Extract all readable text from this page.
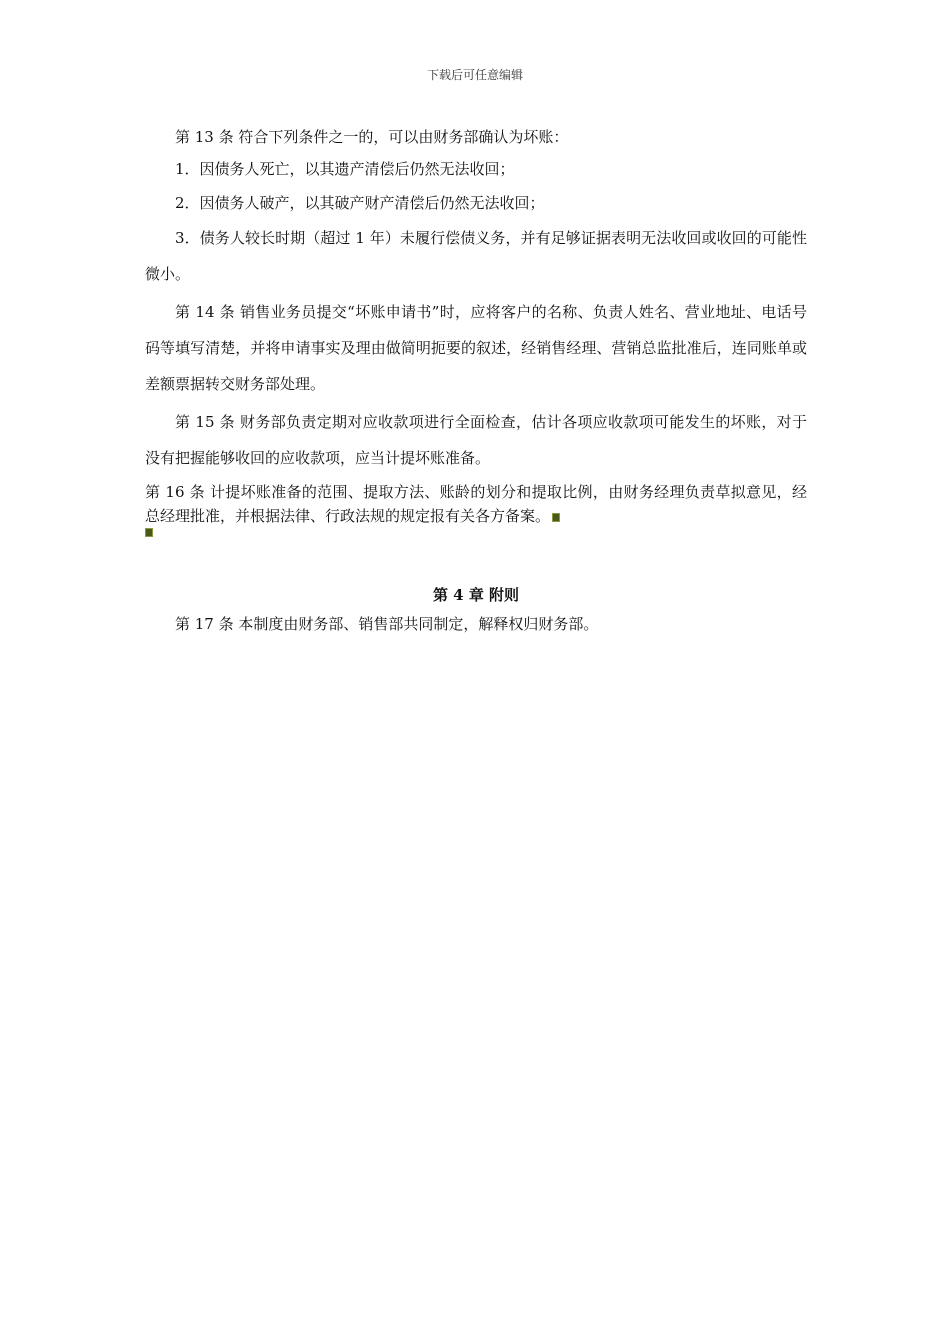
下载后可任意编辑

第 13 条 符合下列条件之一的，可以由财务部确认为坏账：

1．因债务人死亡，以其遗产清偿后仍然无法收回；

2．因债务人破产，以其破产财产清偿后仍然无法收回；

3．债务人较长时期（超过 1 年）未履行偿债义务，并有足够证据表明无法收回或收回的可能性微小。

第 14 条 销售业务员提交“坏账申请书”时，应将客户的名称、负责人姓名、营业地址、电话号码等填写清楚，并将申请事实及理由做简明扼要的叙述，经销售经理、营销总监批准后，连同账单或差额票据转交财务部处理。

第 15 条 财务部负责定期对应收款项进行全面检查，估计各项应收款项可能发生的坏账，对于没有把握能够收回的应收款项，应当计提坏账准备。

第 16 条 计提坏账准备的范围、提取方法、账龄的划分和提取比例，由财务经理负责草拟意见，经总经理批准，并根据法律、行政法规的规定报有关各方备案。

第 4 章 附则

第 17 条 本制度由财务部、销售部共同制定，解释权归财务部。
